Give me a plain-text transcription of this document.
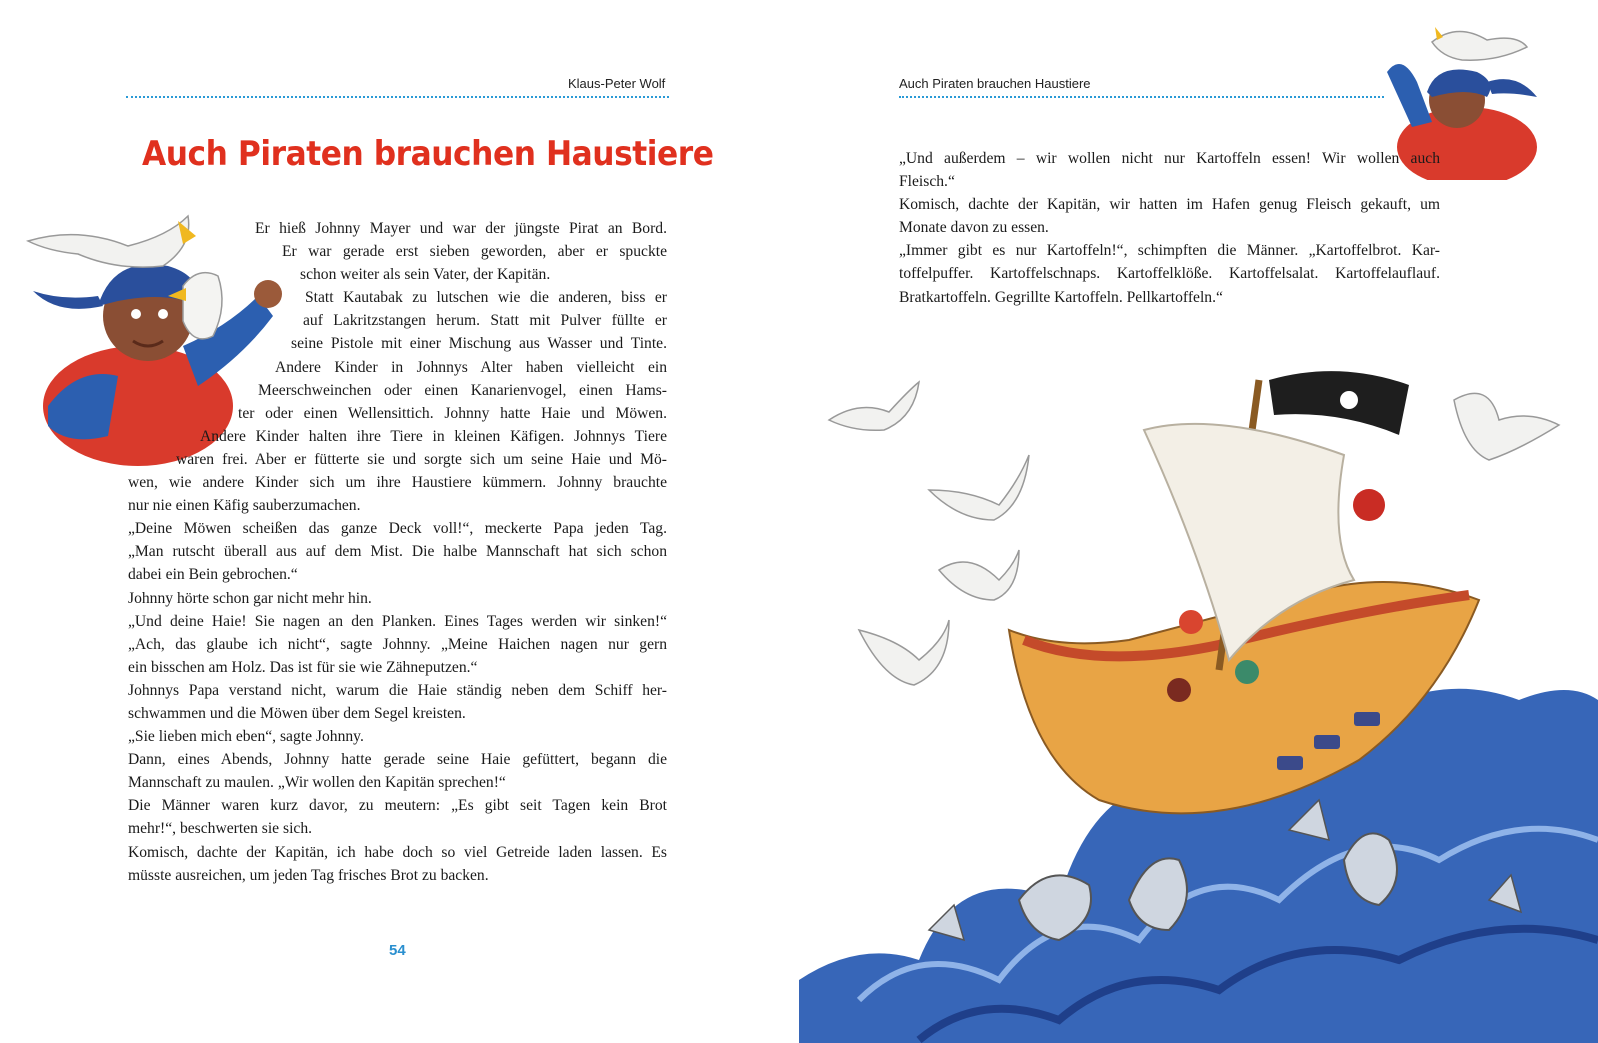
Klaus-Peter Wolf
Auch Piraten brauchen Haustiere
Er hieß Johnny Mayer und war der jüngste Pirat an Bord.
Er war gerade erst sieben geworden, aber er spuckte
schon weiter als sein Vater, der Kapitän.
Statt Kautabak zu lutschen wie die anderen, biss er
auf Lakritzstangen herum. Statt mit Pulver füllte er
seine Pistole mit einer Mischung aus Wasser und Tinte.
Andere Kinder in Johnnys Alter haben vielleicht ein
Meerschweinchen oder einen Kanarienvogel, einen Hams-
ter oder einen Wellensittich. Johnny hatte Haie und Möwen.
Andere Kinder halten ihre Tiere in kleinen Käfigen. Johnnys Tiere
waren frei. Aber er fütterte sie und sorgte sich um seine Haie und Mö-
wen, wie andere Kinder sich um ihre Haustiere kümmern. Johnny brauchte
nur nie einen Käfig sauberzumachen.
„Deine Möwen scheißen das ganze Deck voll!“, meckerte Papa jeden Tag.
„Man rutscht überall aus auf dem Mist. Die halbe Mannschaft hat sich schon
dabei ein Bein gebrochen.“
Johnny hörte schon gar nicht mehr hin.
„Und deine Haie! Sie nagen an den Planken. Eines Tages werden wir sinken!“
„Ach, das glaube ich nicht“, sagte Johnny. „Meine Haichen nagen nur gern
ein bisschen am Holz. Das ist für sie wie Zähneputzen.“
Johnnys Papa verstand nicht, warum die Haie ständig neben dem Schiff her-
schwammen und die Möwen über dem Segel kreisten.
„Sie lieben mich eben“, sagte Johnny.
Dann, eines Abends, Johnny hatte gerade seine Haie gefüttert, begann die
Mannschaft zu maulen. „Wir wollen den Kapitän sprechen!“
Die Männer waren kurz davor, zu meutern: „Es gibt seit Tagen kein Brot
mehr!“, beschwerten sie sich.
Komisch, dachte der Kapitän, ich habe doch so viel Getreide laden lassen. Es
müsste ausreichen, um jeden Tag frisches Brot zu backen.
54
Auch Piraten brauchen Haustiere
„Und außerdem – wir wollen nicht nur Kartoffeln essen! Wir wollen auch
Fleisch.“
Komisch, dachte der Kapitän, wir hatten im Hafen genug Fleisch gekauft, um
Monate davon zu essen.
„Immer gibt es nur Kartoffeln!“, schimpften die Männer. „Kartoffelbrot. Kar-
toffelpuffer. Kartoffelschnaps. Kartoffelklöße. Kartoffelsalat. Kartoffelauflauf.
Bratkartoffeln. Gegrillte Kartoffeln. Pellkartoffeln.“
